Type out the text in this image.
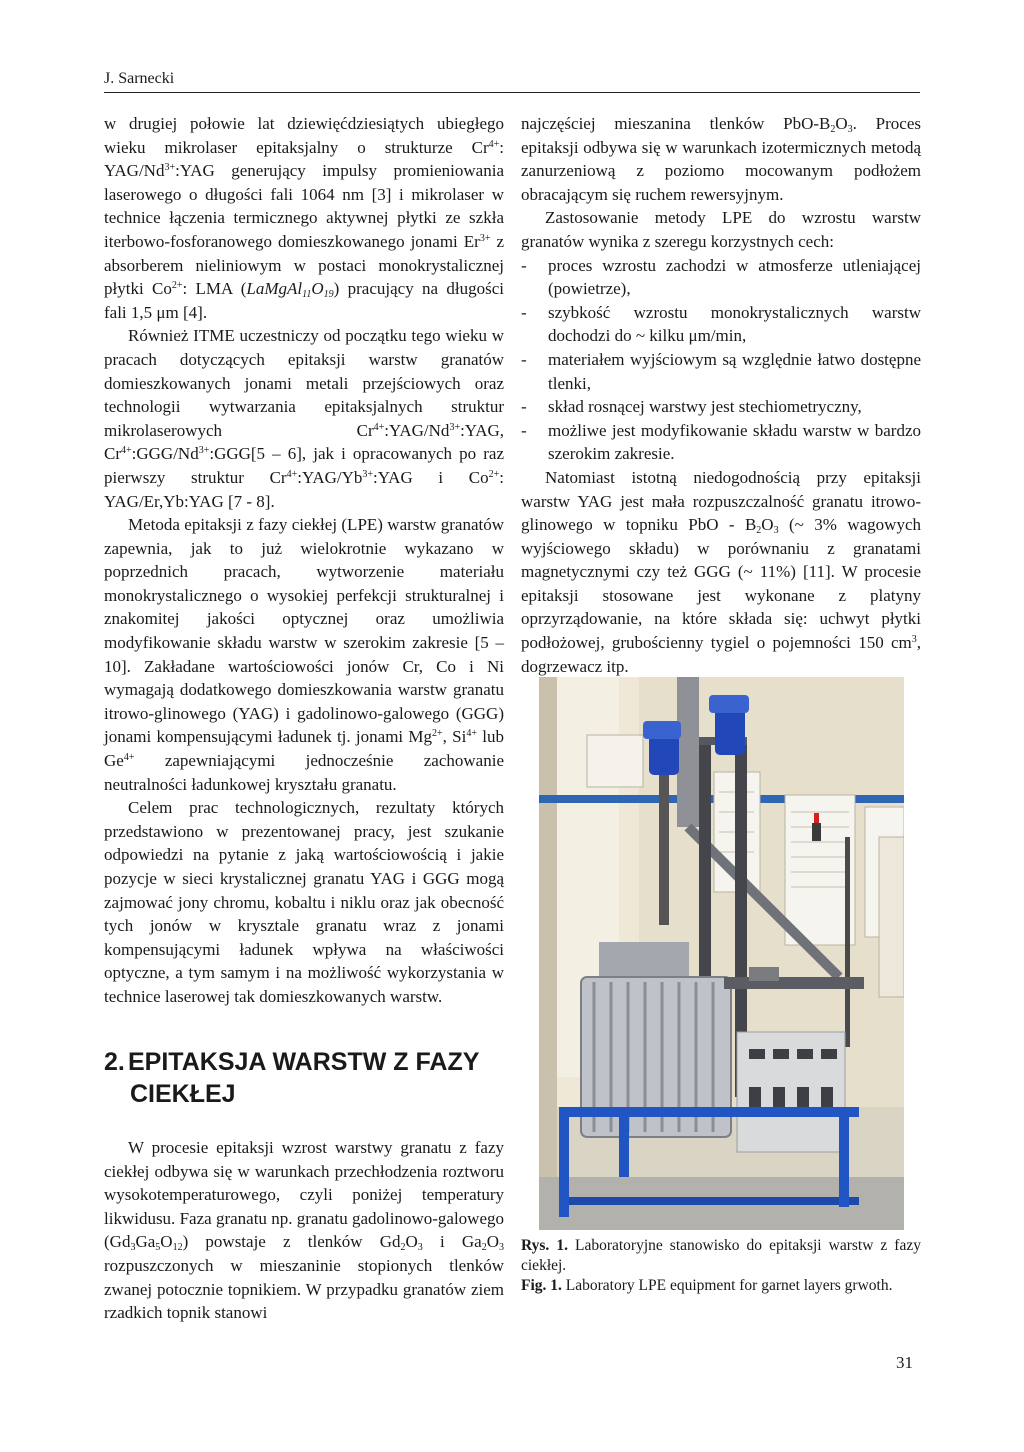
J. Sarnecki

w drugiej połowie lat dziewięćdziesiątych ubiegłego wieku mikrolaser epitaksjalny o strukturze $Cr^{4+}$: YAG/$Nd^{3+}:YAG$ generujący impulsy promieniowania laserowego o długości fali 1064 nm [3] i mikrolaser w technice łączenia termicznego aktywnej płytki ze szkła iterbowo-fosforanowego domieszkowanego jonami $Er^{3+}$ z absorberem nieliniowym w postaci monokrystalicznej płytki $Co^{2+}$: LMA $(LaMgAl_{11}O_{19})$ pracujący na długości fali 1,5 μm [4].

Również ITME uczestniczy od początku tego wieku w pracach dotyczących epitaksji warstw granatów domieszkowanych jonami metali przejściowych oraz technologii wytwarzania epitaksjalnych struktur mikrolaserowych $Cr^{4+}:YAG/Nd^{3+}:YAG$, $Cr^{4+}:GGG/Nd^{3+}:GGG[5 - 6]$, jak i opracowanych po raz pierwszy struktur $Cr^{4+}:YAG/Yb^{3+}:YAG$ i $Co^{2+}$: YAG/Er,Yb:YAG [7 - 8].

Metoda epitaksji z fazy ciekłej (LPE) warstw granatów zapewnia, jak to już wielokrotnie wykazano w poprzednich pracach, wytworzenie materiału monokrystalicznego o wysokiej perfekcji strukturalnej i znakomitej jakości optycznej oraz umożliwia modyfikowanie składu warstw w szerokim zakresie [5 – 10]. Zakładane wartościowości jonów Cr, Co i Ni wymagają dodatkowego domieszkowania warstw granatu itrowo-glinowego (YAG) i gadolinowo-galowego (GGG) jonami kompensującymi ładunek tj. jonami $Mg^{2+}$, $Si^{4+}$ lub $Ge^{4+}$ zapewniającymi jednocześnie zachowanie neutralności ładunkowej kryształu granatu.

Celem prac technologicznych, rezultaty których przedstawiono w prezentowanej pracy, jest szukanie odpowiedzi na pytanie z jaką wartościowością i jakie pozycje w sieci krystalicznej granatu YAG i GGG mogą zajmować jony chromu, kobaltu i niklu oraz jak obecność tych jonów w krysztale granatu wraz z jonami kompensującymi ładunek wpływa na właściwości optyczne, a tym samym i na możliwość wykorzystania w technice laserowej tak domieszkowanych warstw.

2. EPITAKSJA WARSTW Z FAZY
CIEKŁEJ

W procesie epitaksji wzrost warstwy granatu z fazy ciekłej odbywa się w warunkach przechłodzenia roztworu wysokotemperaturowego, czyli poniżej temperatury likwidusu. Faza granatu np. granatu gadolinowo-galowego $(Gd_3Ga_5O_{12})$ powstaje z tlenków $Gd_2O_3$ i $Ga_2O_3$ rozpuszczonych w mieszaninie stopionych tlenków zwanej potocznie topnikiem. W przypadku granatów ziem rzadkich topnik stanowi

najczęściej mieszanina tlenków PbO-$B_2O_3$. Proces epitaksji odbywa się w warunkach izotermicznych metodą zanurzeniową z poziomo mocowanym podłożem obracającym się ruchem rewersyjnym.

Zastosowanie metody LPE do wzrostu warstw granatów wynika z szeregu korzystnych cech:

- proces wzrostu zachodzi w atmosferze utleniającej (powietrze),
- szybkość wzrostu monokrystalicznych warstw dochodzi do ~ kilku μm/min,
- materiałem wyjściowym są względnie łatwo dostępne tlenki,
- skład rosnącej warstwy jest stechiometryczny,
- możliwe jest modyfikowanie składu warstw w bardzo szerokim zakresie.

Natomiast istotną niedogodnością przy epitaksji warstw YAG jest mała rozpuszczalność granatu itrowo-glinowego w topniku PbO - $B_2O_3$ (~ 3% wagowych wyjściowego składu) w porównaniu z granatami magnetycznymi czy też GGG (~ 11%) [11]. W procesie epitaksji stosowane jest wykonane z platyny oprzyrządowanie, na które składa się: uchwyt płytki podłożowej, grubościenny tygiel o pojemności 150 $cm^3$, dogrzewacz itp.

Rys. 1. Laboratoryjne stanowisko do epitaksji warstw z fazy ciekłej.

Fig. 1. Laboratory LPE equipment for garnet layers grwoth.

31
